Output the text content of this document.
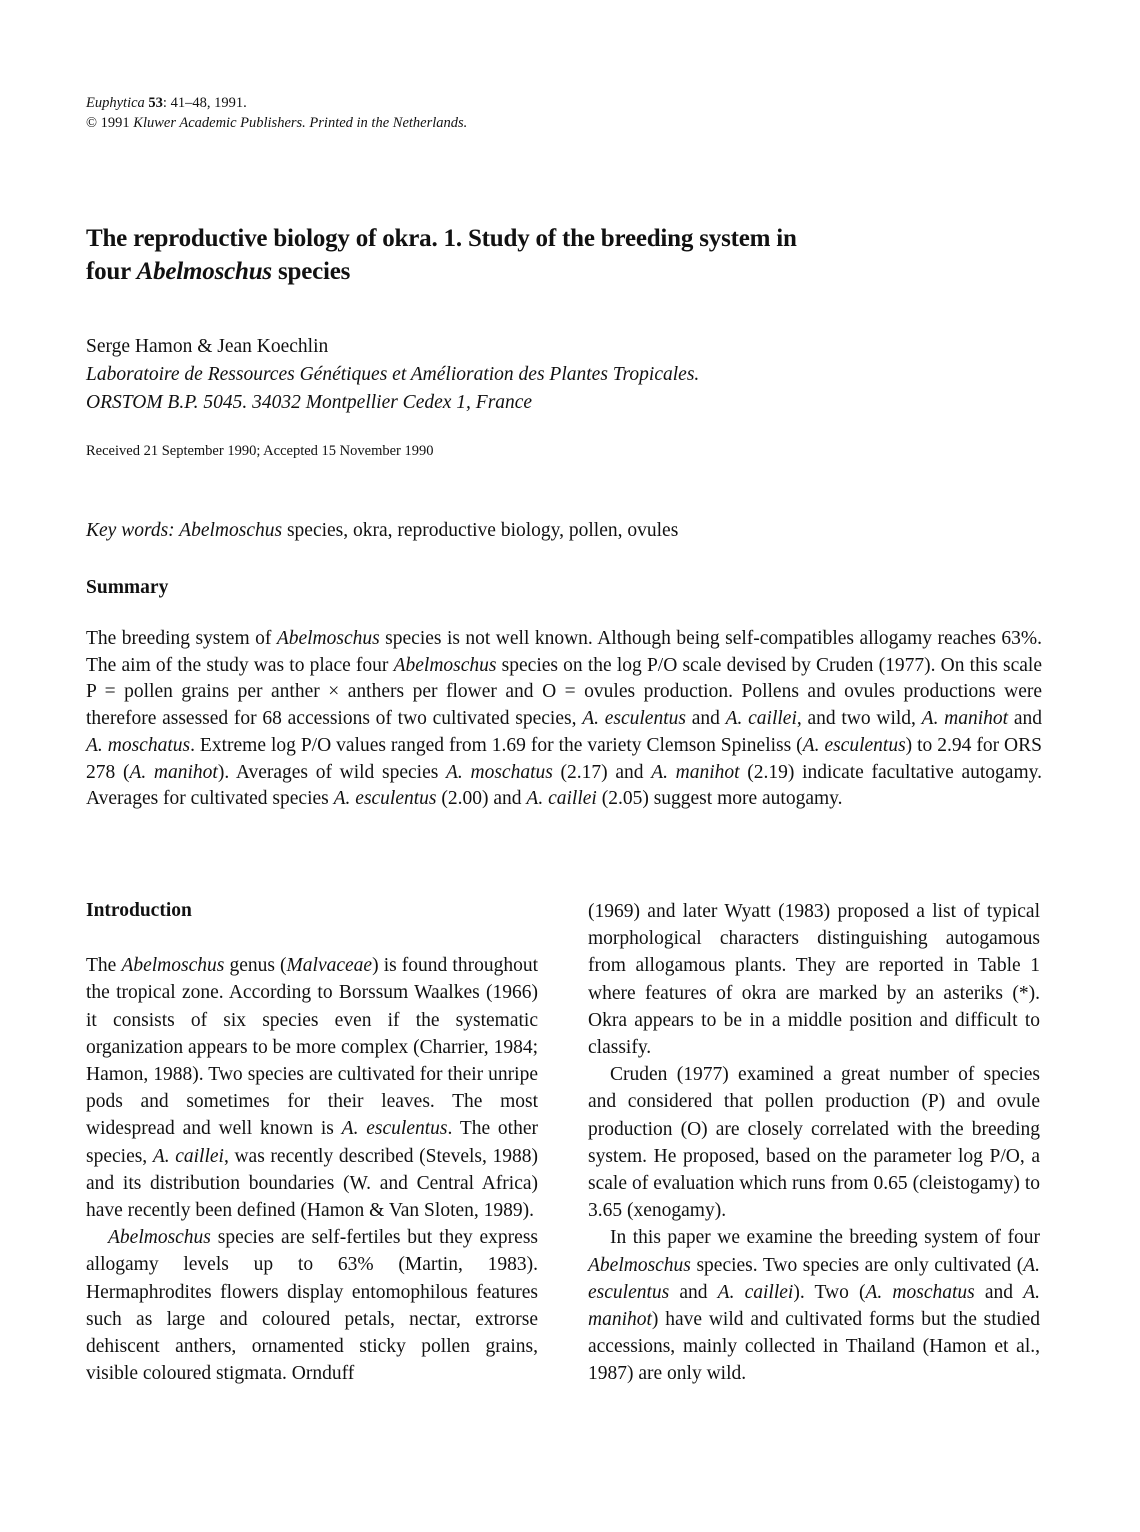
Euphytica 53: 41–48, 1991.
© 1991 Kluwer Academic Publishers. Printed in the Netherlands.
The reproductive biology of okra. 1. Study of the breeding system in
four Abelmoschus species
Serge Hamon & Jean Koechlin
Laboratoire de Ressources Génétiques et Amélioration des Plantes Tropicales.
ORSTOM B.P. 5045. 34032 Montpellier Cedex 1, France
Received 21 September 1990; Accepted 15 November 1990
Key words: Abelmoschus species, okra, reproductive biology, pollen, ovules
Summary
The breeding system of Abelmoschus species is not well known. Although being self-compatibles allogamy reaches 63%. The aim of the study was to place four Abelmoschus species on the log P/O scale devised by Cruden (1977). On this scale P = pollen grains per anther × anthers per flower and O = ovules production. Pollens and ovules productions were therefore assessed for 68 accessions of two cultivated species, A. esculentus and A. caillei, and two wild, A. manihot and A. moschatus. Extreme log P/O values ranged from 1.69 for the variety Clemson Spineliss (A. esculentus) to 2.94 for ORS 278 (A. manihot). Averages of wild species A. moschatus (2.17) and A. manihot (2.19) indicate facultative autogamy. Averages for cultivated species A. esculentus (2.00) and A. caillei (2.05) suggest more autogamy.

Introduction

The Abelmoschus genus (Malvaceae) is found throughout the tropical zone. According to Borssum Waalkes (1966) it consists of six species even if the systematic organization appears to be more complex (Charrier, 1984; Hamon, 1988). Two species are cultivated for their unripe pods and sometimes for their leaves. The most widespread and well known is A. esculentus. The other species, A. caillei, was recently described (Stevels, 1988) and its distribution boundaries (W. and Central Africa) have recently been defined (Hamon & Van Sloten, 1989).

Abelmoschus species are self-fertiles but they express allogamy levels up to 63% (Martin, 1983). Hermaphrodites flowers display entomophilous features such as large and coloured petals, nectar, extrorse dehiscent anthers, ornamented sticky pollen grains, visible coloured stigmata. Ornduff

(1969) and later Wyatt (1983) proposed a list of typical morphological characters distinguishing autogamous from allogamous plants. They are reported in Table 1 where features of okra are marked by an asteriks (*). Okra appears to be in a middle position and difficult to classify.

Cruden (1977) examined a great number of species and considered that pollen production (P) and ovule production (O) are closely correlated with the breeding system. He proposed, based on the parameter log P/O, a scale of evaluation which runs from 0.65 (cleistogamy) to 3.65 (xenogamy).

In this paper we examine the breeding system of four Abelmoschus species. Two species are only cultivated (A. esculentus and A. caillei). Two (A. moschatus and A. manihot) have wild and cultivated forms but the studied accessions, mainly collected in Thailand (Hamon et al., 1987) are only wild.
